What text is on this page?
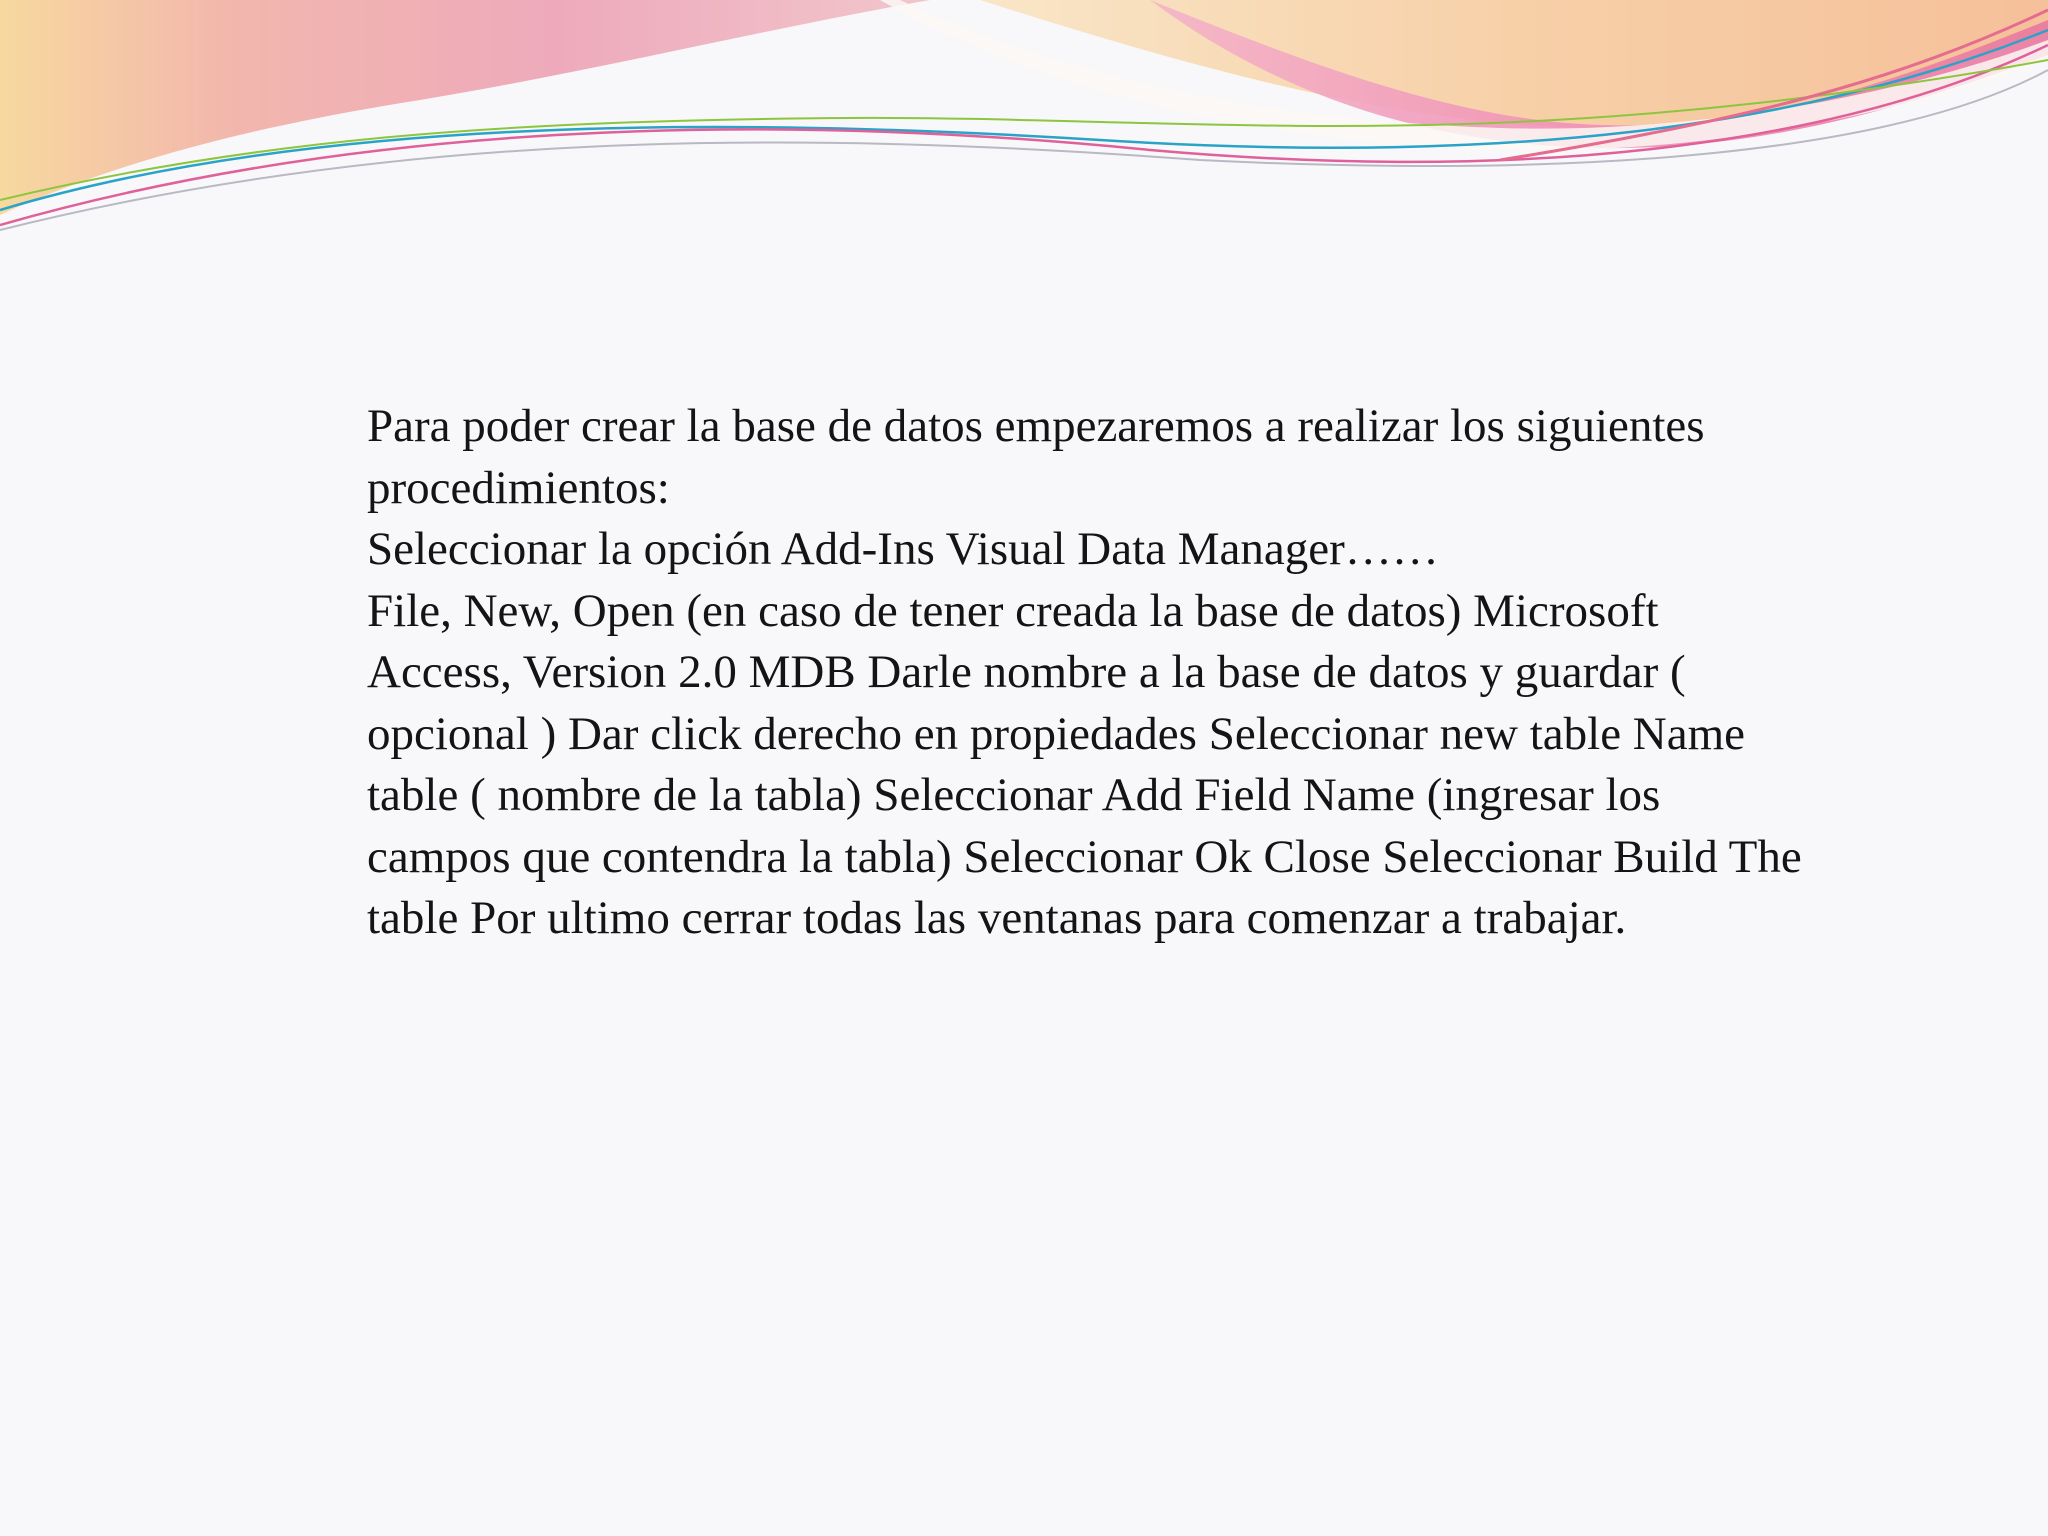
Para poder crear la base de datos empezaremos a realizar los siguientes procedimientos:

Seleccionar la opción Add-Ins Visual Data Manager……

File, New, Open (en caso de tener creada la base de datos) Microsoft Access, Version 2.0 MDB Darle nombre a la base de datos y guardar ( opcional ) Dar click derecho en propiedades Seleccionar new table Name table ( nombre de la tabla) Seleccionar Add Field Name (ingresar los campos que contendra la tabla) Seleccionar Ok Close Seleccionar Build The table Por ultimo cerrar todas las ventanas para comenzar a trabajar.
